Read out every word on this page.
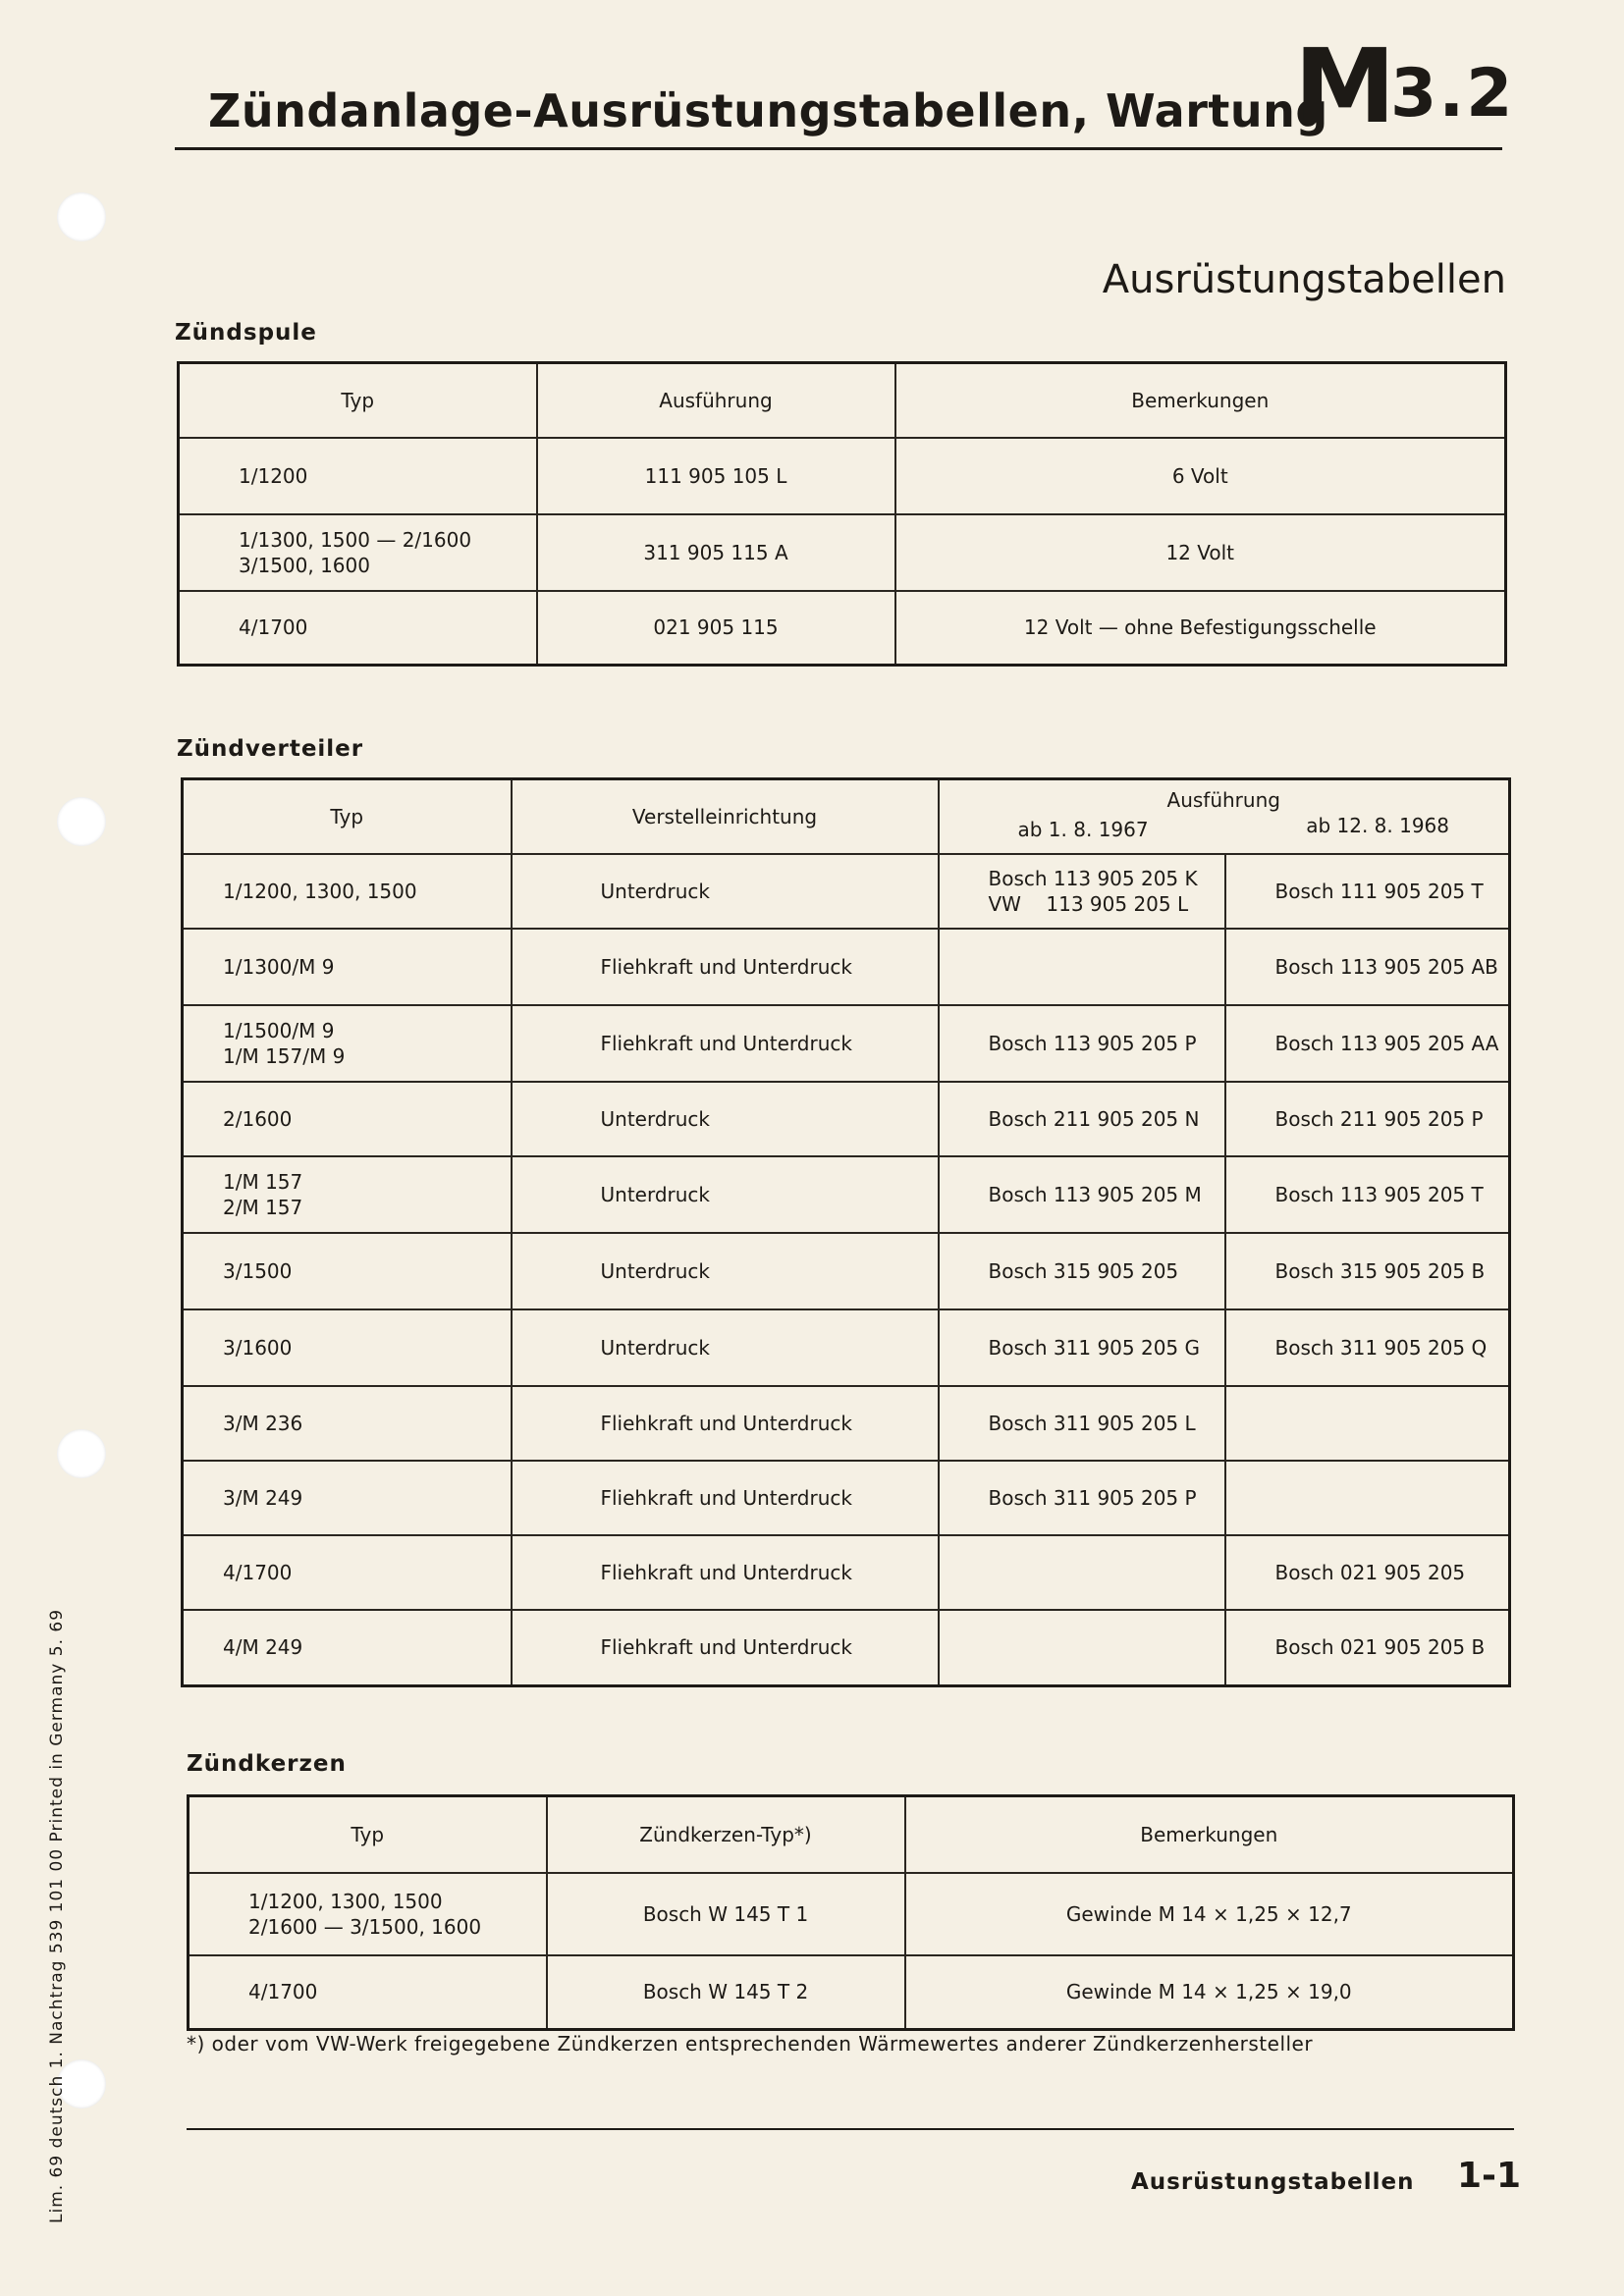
Zündanlage-Ausrüstungstabellen, Wartung
M
3.2
Ausrüstungstabellen
Zündspule
Typ	Ausführung	Bemerkungen

1/1200	111 905 105 L	6 Volt

1/1300, 1500 — 2/1600
3/1500, 1600	311 905 115 A	12 Volt

4/1700	021 905 115	12 Volt — ohne Befestigungsschelle
Zündverteiler
Typ	Verstelleinrichtung	Ausführung
ab 1. 8. 1967 ab 12. 8. 1968	

1/1200, 1300, 1500	Unterdruck	Bosch 113 905 205 K
VW    113 905 205 L	Bosch 111 905 205 T

1/1300/M 9	Fliehkraft und Unterdruck		Bosch 113 905 205 AB

1/1500/M 9
1/M 157/M 9	Fliehkraft und Unterdruck	Bosch 113 905 205 P	Bosch 113 905 205 AA

2/1600	Unterdruck	Bosch 211 905 205 N	Bosch 211 905 205 P

1/M 157
2/M 157	Unterdruck	Bosch 113 905 205 M	Bosch 113 905 205 T

3/1500	Unterdruck	Bosch 315 905 205	Bosch 315 905 205 B

3/1600	Unterdruck	Bosch 311 905 205 G	Bosch 311 905 205 Q

3/M 236	Fliehkraft und Unterdruck	Bosch 311 905 205 L	

3/M 249	Fliehkraft und Unterdruck	Bosch 311 905 205 P	

4/1700	Fliehkraft und Unterdruck		Bosch 021 905 205

4/M 249	Fliehkraft und Unterdruck		Bosch 021 905 205 B
Zündkerzen
Typ	Zündkerzen-Typ*)	Bemerkungen

1/1200, 1300, 1500
2/1600 — 3/1500, 1600	Bosch W 145 T 1	Gewinde M 14 × 1,25 × 12,7

4/1700	Bosch W 145 T 2	Gewinde M 14 × 1,25 × 19,0
*) oder vom VW-Werk freigegebene Zündkerzen entsprechenden Wärmewertes anderer Zündkerzenhersteller
Ausrüstungstabellen 1-1
Lim. 69 deutsch 1. Nachtrag 539 101 00 Printed in Germany 5. 69
